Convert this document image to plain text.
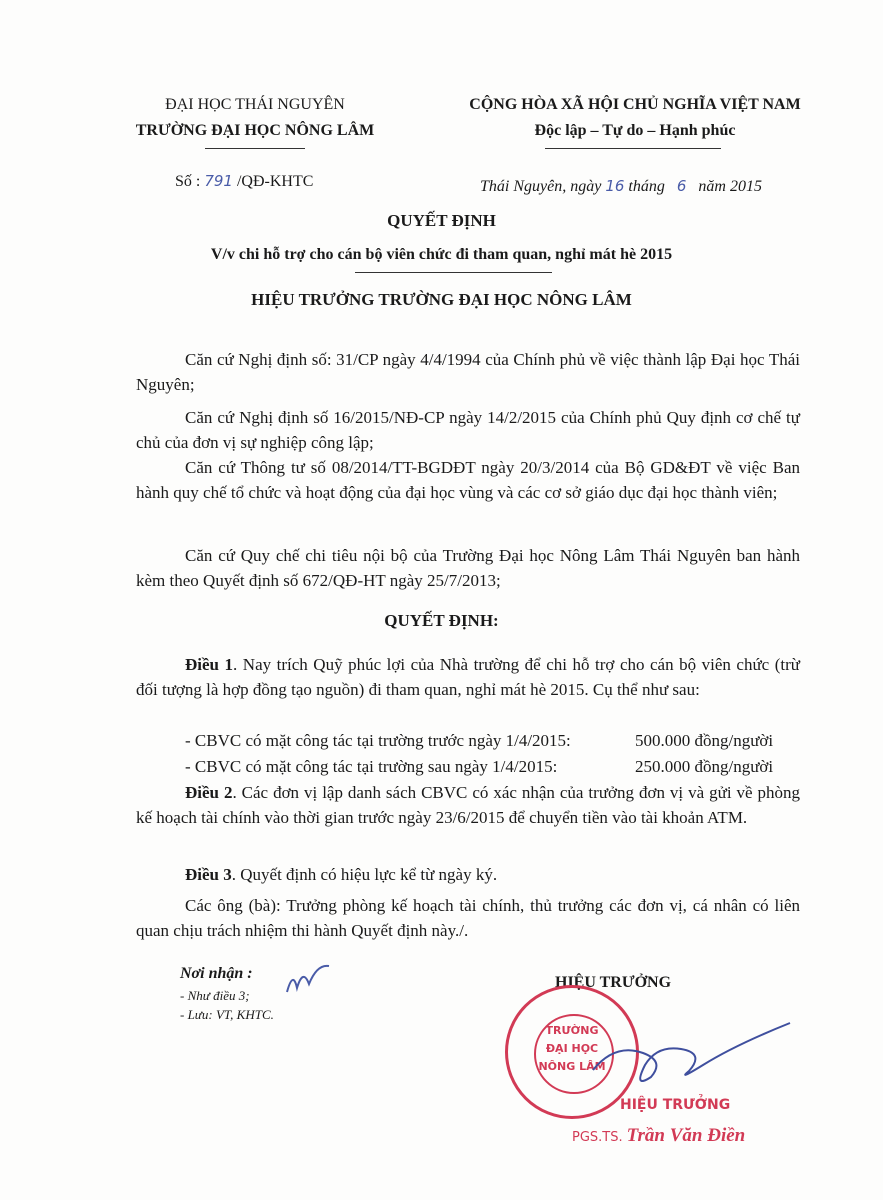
ĐẠI HỌC THÁI NGUYÊN
TRƯỜNG ĐẠI HỌC NÔNG LÂM
CỘNG HÒA XÃ HỘI CHỦ NGHĨA VIỆT NAM
Độc lập – Tự do – Hạnh phúc
Số : 791 /QĐ-KHTC	Thái Nguyên, ngày 16 tháng 6 năm 2015
QUYẾT ĐỊNH
V/v chi hỗ trợ cho cán bộ viên chức đi tham quan, nghỉ mát hè 2015
HIỆU TRƯỞNG TRƯỜNG ĐẠI HỌC NÔNG LÂM
Căn cứ Nghị định số: 31/CP ngày 4/4/1994 của Chính phủ về việc thành lập Đại học Thái Nguyên;
Căn cứ Nghị định số 16/2015/NĐ-CP ngày 14/2/2015 của Chính phủ Quy định cơ chế tự chủ của đơn vị sự nghiệp công lập;
Căn cứ Thông tư số 08/2014/TT-BGDĐT ngày 20/3/2014 của Bộ GD&ĐT về việc Ban hành quy chế tổ chức và hoạt động của đại học vùng và các cơ sở giáo dục đại học thành viên;
Căn cứ Quy chế chi tiêu nội bộ của Trường Đại học Nông Lâm Thái Nguyên ban hành kèm theo Quyết định số 672/QĐ-HT ngày 25/7/2013;
QUYẾT ĐỊNH:
Điều 1. Nay trích Quỹ phúc lợi của Nhà trường để chi hỗ trợ cho cán bộ viên chức (trừ đối tượng là hợp đồng tạo nguồn) đi tham quan, nghỉ mát hè 2015. Cụ thể như sau:
- CBVC có mặt công tác tại trường trước ngày 1/4/2015:	500.000 đồng/người
- CBVC có mặt công tác tại trường sau ngày 1/4/2015:	250.000 đồng/người
Điều 2. Các đơn vị lập danh sách CBVC có xác nhận của trưởng đơn vị và gửi về phòng kế hoạch tài chính vào thời gian trước ngày 23/6/2015 để chuyển tiền vào tài khoản ATM.
Điều 3. Quyết định có hiệu lực kể từ ngày ký.
Các ông (bà): Trưởng phòng kế hoạch tài chính, thủ trưởng các đơn vị, cá nhân có liên quan chịu trách nhiệm thi hành Quyết định này./.
Nơi nhận :
- Như điều 3;
- Lưu: VT, KHTC.
HIỆU TRƯỞNG
TRƯỜNG
ĐẠI HỌC
NÔNG LÂM
HIỆU TRƯỞNG
PGS.TS. Trần Văn Điền
